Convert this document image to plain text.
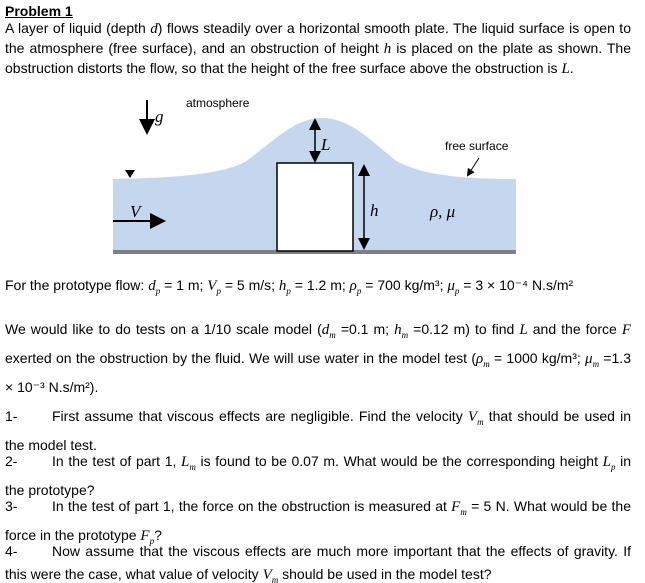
Problem 1
A layer of liquid (depth d) flows steadily over a horizontal smooth plate. The liquid surface is open to the atmosphere (free surface), and an obstruction of height h is placed on the plate as shown. The obstruction distorts the flow, so that the height of the free surface above the obstruction is L.
atmosphere
free surface
g
L
h
V	ρ, μ
For the prototype flow: $d_p = 1$ m; $V_p = 5$ m/s; $h_p = 1.2$ m; $\rho_p = 700$ kg/m³; $\mu_p = 3 \times 10^{-4}$ N.s/m²
We would like to do tests on a 1/10 scale model ($d_m =0.1$ m; $h_m =0.12$ m) to find L and the force F exerted on the obstruction by the fluid. We will use water in the model test ($\rho_m = 1000$ kg/m³; $\mu_m =1.3 \times 10^{-3}$ N.s/m²).
1- First assume that viscous effects are negligible. Find the velocity $V_m$ that should be used in the model test.
2- In the test of part 1, $L_m$ is found to be 0.07 m. What would be the corresponding height $L_p$ in the prototype?
3- In the test of part 1, the force on the obstruction is measured at $F_m = 5$ N. What would be the force in the prototype $F_p$?
4- Now assume that the viscous effects are much more important that the effects of gravity. If this were the case, what value of velocity $V_m$ should be used in the model test?
